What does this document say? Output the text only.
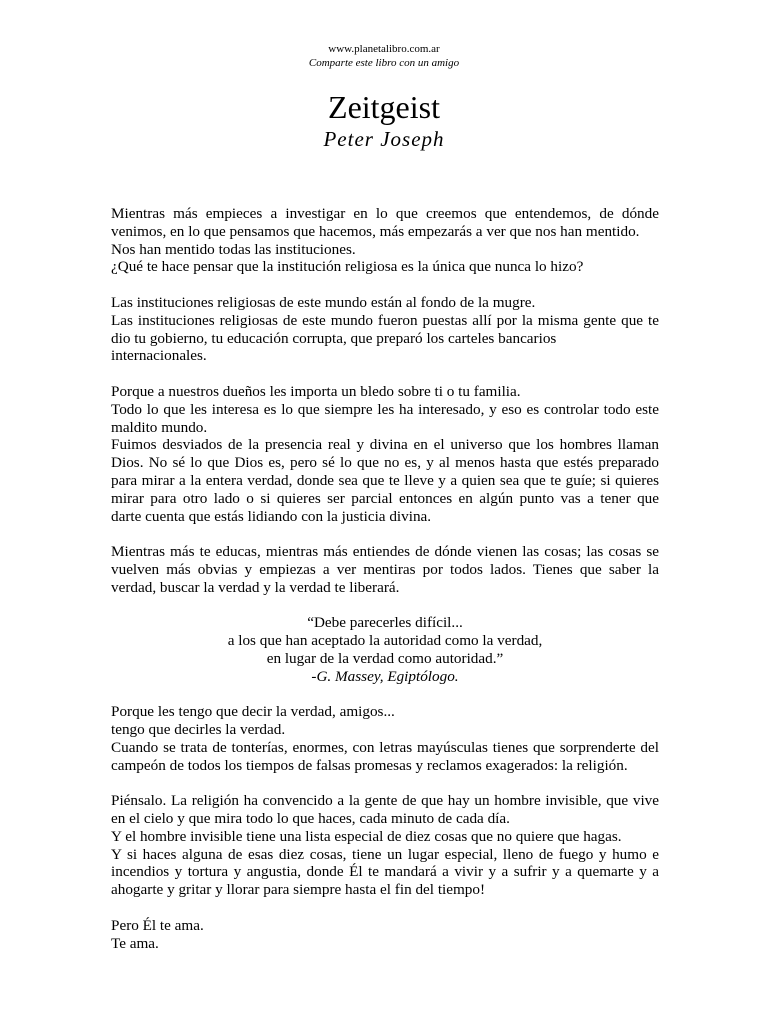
www.planetalibro.com.ar
Comparte este libro con un amigo
Zeitgeist
Peter Joseph
Mientras más empieces a investigar en lo que creemos que entendemos, de dónde
venimos, en lo que pensamos que hacemos, más empezarás a ver que nos han mentido.
Nos han mentido todas las instituciones.
¿Qué te hace pensar que la institución religiosa es la única que nunca lo hizo?
Las instituciones religiosas de este mundo están al fondo de la mugre.
Las instituciones religiosas de este mundo fueron puestas allí por la misma gente que te
dio tu gobierno, tu educación corrupta, que preparó los carteles bancarios
internacionales.
Porque a nuestros dueños les importa un bledo sobre ti o tu familia.
Todo lo que les interesa es lo que siempre les ha interesado, y eso es controlar todo este
maldito mundo.
Fuimos desviados de la presencia real y divina en el universo que los hombres llaman
Dios. No sé lo que Dios es, pero sé lo que no es, y al menos hasta que estés preparado
para mirar a la entera verdad, donde sea que te lleve y a quien sea que te guíe; si quieres
mirar para otro lado o si quieres ser parcial entonces en algún punto vas a tener que
darte cuenta que estás lidiando con la justicia divina.
Mientras más te educas, mientras más entiendes de dónde vienen las cosas; las cosas se
vuelven más obvias y empiezas a ver mentiras por todos lados. Tienes que saber la
verdad, buscar la verdad y la verdad te liberará.
“Debe parecerles difícil...
a los que han aceptado la autoridad como la verdad,
en lugar de la verdad como autoridad.”
-G. Massey, Egiptólogo.
Porque les tengo que decir la verdad, amigos...
tengo que decirles la verdad.
Cuando se trata de tonterías, enormes, con letras mayúsculas tienes que sorprenderte del
campeón de todos los tiempos de falsas promesas y reclamos exagerados: la religión.
Piénsalo. La religión ha convencido a la gente de que hay un hombre invisible, que vive
en el cielo y que mira todo lo que haces, cada minuto de cada día.
Y el hombre invisible tiene una lista especial de diez cosas que no quiere que hagas.
Y si haces alguna de esas diez cosas, tiene un lugar especial, lleno de fuego y humo e
incendios y tortura y angustia, donde Él te mandará a vivir y a sufrir y a quemarte y a
ahogarte y gritar y llorar para siempre hasta el fin del tiempo!
Pero Él te ama.
Te ama.
